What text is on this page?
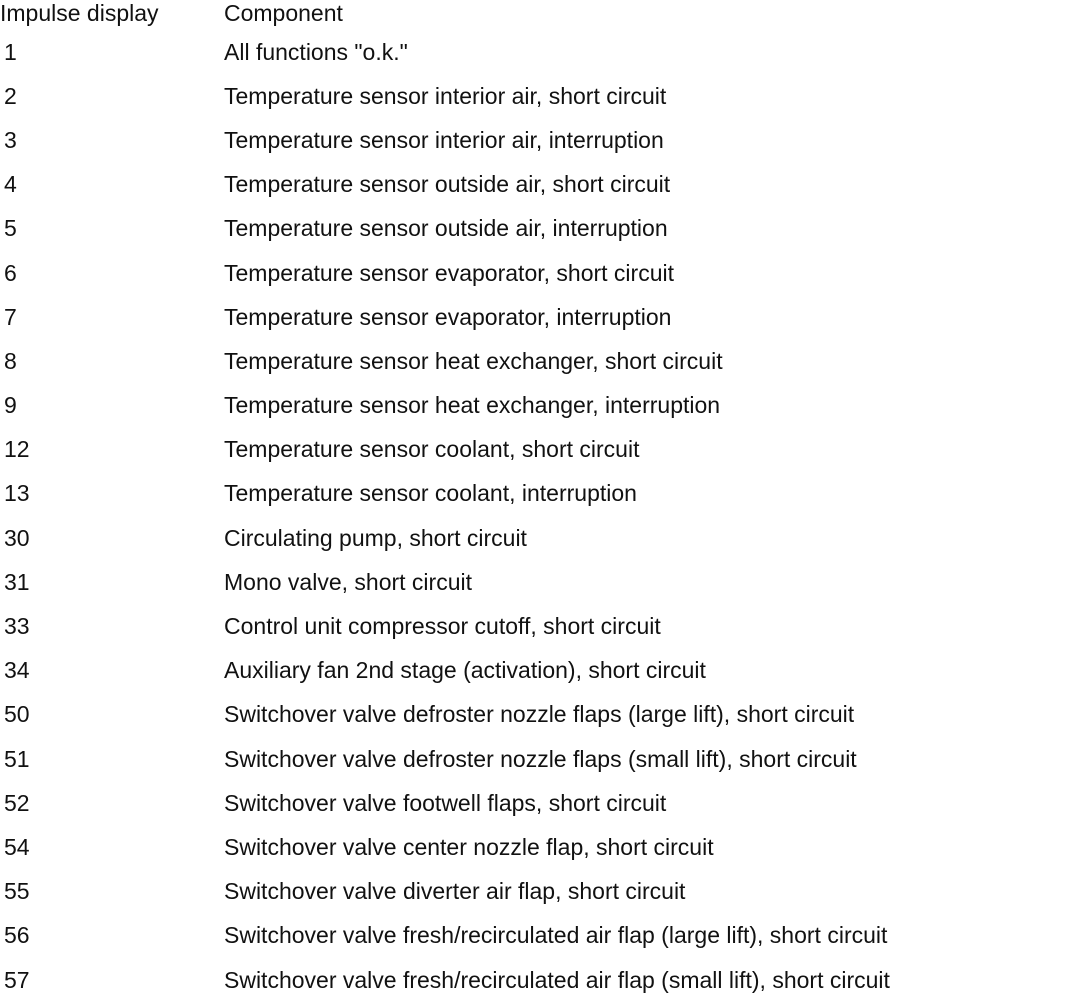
Impulse display	Component
1	All functions "o.k."
2	Temperature sensor interior air, short circuit
3	Temperature sensor interior air, interruption
4	Temperature sensor outside air, short circuit
5	Temperature sensor outside air, interruption
6	Temperature sensor evaporator, short circuit
7	Temperature sensor evaporator, interruption
8	Temperature sensor heat exchanger, short circuit
9	Temperature sensor heat exchanger, interruption
12	Temperature sensor coolant, short circuit
13	Temperature sensor coolant, interruption
30	Circulating pump, short circuit
31	Mono valve, short circuit
33	Control unit compressor cutoff, short circuit
34	Auxiliary fan 2nd stage (activation), short circuit
50	Switchover valve defroster nozzle flaps (large lift), short circuit
51	Switchover valve defroster nozzle flaps (small lift), short circuit
52	Switchover valve footwell flaps, short circuit
54	Switchover valve center nozzle flap, short circuit
55	Switchover valve diverter air flap, short circuit
56	Switchover valve fresh/recirculated air flap (large lift), short circuit
57	Switchover valve fresh/recirculated air flap (small lift), short circuit
